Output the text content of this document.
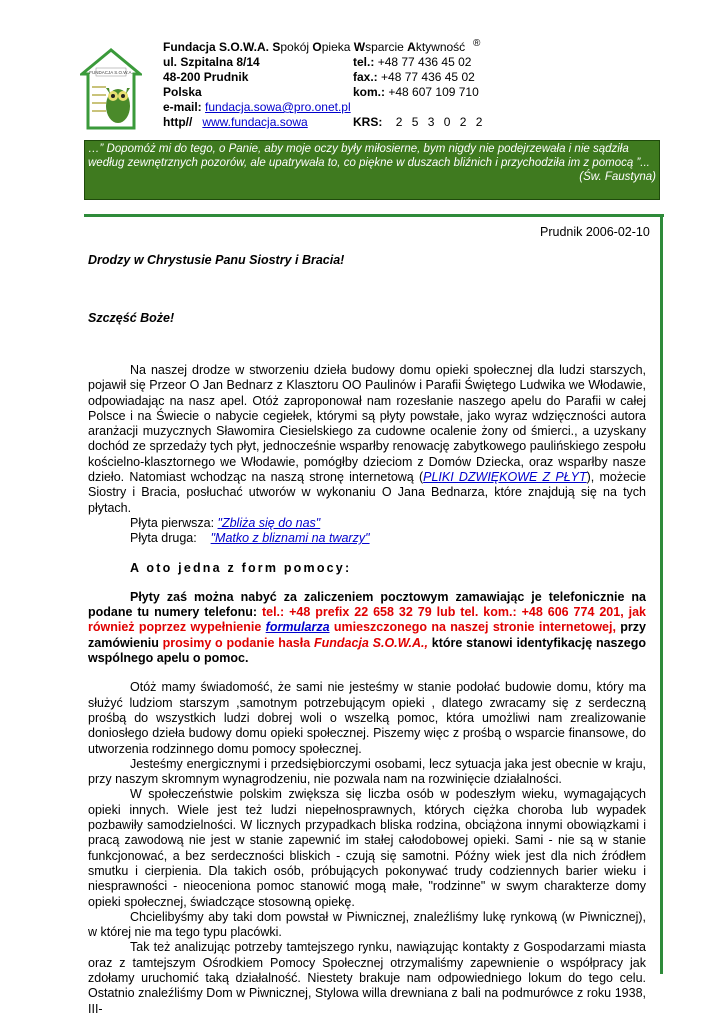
FUNDACJA S.O.W.A.
Fundacja S.O.W.A. Spokój Opieka Wsparcie Aktywność
ul. Szpitalna 8/14	tel.: +48 77 436 45 02
48-200 Prudnik	fax.: +48 77 436 45 02
Polska	kom.: +48 607 109 710
e-mail: fundacja.sowa@pro.onet.pl
http// www.fundacja.sowa	KRS: 2 5 3 0 2 2
®
…” Dopomóż mi do tego, o Panie, aby moje oczy były miłosierne, bym nigdy nie podejrzewała i nie sądziła według zewnętrznych pozorów, ale upatrywała to, co piękne w duszach bliźnich i przychodziła im z pomocą ”...
(Św. Faustyna)
Prudnik 2006-02-10
Drodzy w Chrystusie Panu Siostry i Bracia!
Szczęść Boże!

Na naszej drodze w stworzeniu dzieła budowy domu opieki społecznej dla ludzi starszych, pojawił się Przeor O Jan Bednarz z Klasztoru OO Paulinów i Parafii Świętego Ludwika we Włodawie, odpowiadając na nasz apel. Otóż zaproponował nam rozesłanie naszego apelu do Parafii w całej Polsce i na Świecie o nabycie cegiełek, którymi są płyty powstałe, jako wyraz wdzięczności autora aranżacji muzycznych Sławomira Ciesielskiego za cudowne ocalenie żony od śmierci., a uzyskany dochód ze sprzedaży tych płyt, jednocześnie wsparłby renowację zabytkowego paulińskiego zespołu kościelno-klasztornego we Włodawie, pomógłby dzieciom z Domów Dziecka, oraz wsparłby nasze dzieło. Natomiast wchodząc na naszą stronę internetową (PLIKI DZWIĘKOWE Z PŁYT), możecie Siostry i Bracia, posłuchać utworów w wykonaniu O Jana Bednarza, które znajdują się na tych płytach.

Płyta pierwsza: "Zbliża się do nas"

Płyta druga:    "Matko z bliznami na twarzy"

A oto jedna z form pomocy:

Płyty zaś można nabyć za zaliczeniem pocztowym zamawiając je telefonicznie na podane tu numery telefonu: tel.: +48 prefix 22 658 32 79 lub tel. kom.: +48 606 774 201, jak również poprzez wypełnienie formularza umieszczonego na naszej stronie internetowej, przy zamówieniu prosimy o podanie hasła Fundacja S.O.W.A., które stanowi identyfikację naszego wspólnego apelu o pomoc.

Otóż mamy świadomość, że sami nie jesteśmy w stanie podołać budowie domu, który ma służyć ludziom starszym ,samotnym potrzebującym opieki , dlatego zwracamy się z serdeczną prośbą do wszystkich ludzi dobrej woli o wszelką pomoc, która umożliwi nam zrealizowanie doniosłego dzieła budowy domu opieki społecznej. Piszemy więc z prośbą o wsparcie finansowe, do utworzenia rodzinnego domu pomocy społecznej.

Jesteśmy energicznymi i przedsiębiorczymi osobami, lecz sytuacja jaka jest obecnie w kraju, przy naszym skromnym wynagrodzeniu, nie pozwala nam na rozwinięcie działalności.

W społeczeństwie polskim zwiększa się liczba osób w podeszłym wieku, wymagających opieki innych. Wiele jest też ludzi niepełnosprawnych, których ciężka choroba lub wypadek pozbawiły samodzielności. W licznych przypadkach bliska rodzina, obciążona innymi obowiązkami i pracą zawodową nie jest w stanie zapewnić im stałej całodobowej opieki. Sami - nie są w stanie funkcjonować, a bez serdeczności bliskich - czują się samotni. Późny wiek jest dla nich źródłem smutku i cierpienia. Dla takich osób, próbujących pokonywać trudy codziennych barier wieku i niesprawności - nieoceniona pomoc stanowić mogą małe, "rodzinne" w swym charakterze domy opieki społecznej, świadczące stosowną opiekę.

Chcielibyśmy aby taki dom powstał w Piwnicznej, znaleźliśmy lukę rynkową (w Piwnicznej), w której nie ma tego typu placówki.

Tak też analizując potrzeby tamtejszego rynku, nawiązując kontakty z Gospodarzami miasta oraz z tamtejszym Ośrodkiem Pomocy Społecznej otrzymaliśmy zapewnienie o współpracy jak zdołamy uruchomić taką działalność. Niestety brakuje nam odpowiedniego lokum do tego celu. Ostatnio znaleźliśmy Dom w Piwnicznej, Stylowa willa drewniana z bali na podmurówce z roku 1938, III-
